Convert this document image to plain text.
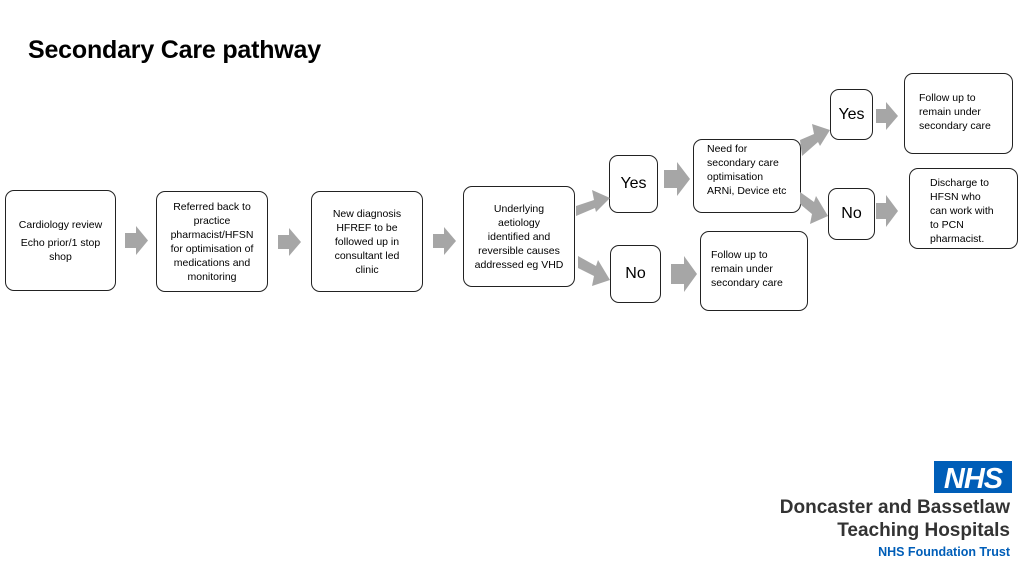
Secondary Care pathway
Cardiology review
Echo prior/1 stop
shop
Referred back to
practice
pharmacist/HFSN
for optimisation of
medications and
monitoring
New diagnosis
HFREF to be
followed up in
consultant led
clinic
Underlying
aetiology
identified and
reversible causes
addressed eg VHD
Yes
No
Need for
secondary care
optimisation
ARNi, Device etc
Follow up to
remain under
secondary care
Yes
No
Follow up to
remain under
secondary care
Discharge to
HFSN who
can work with
to PCN
pharmacist.
NHS
Doncaster and Bassetlaw
Teaching Hospitals
NHS Foundation Trust
